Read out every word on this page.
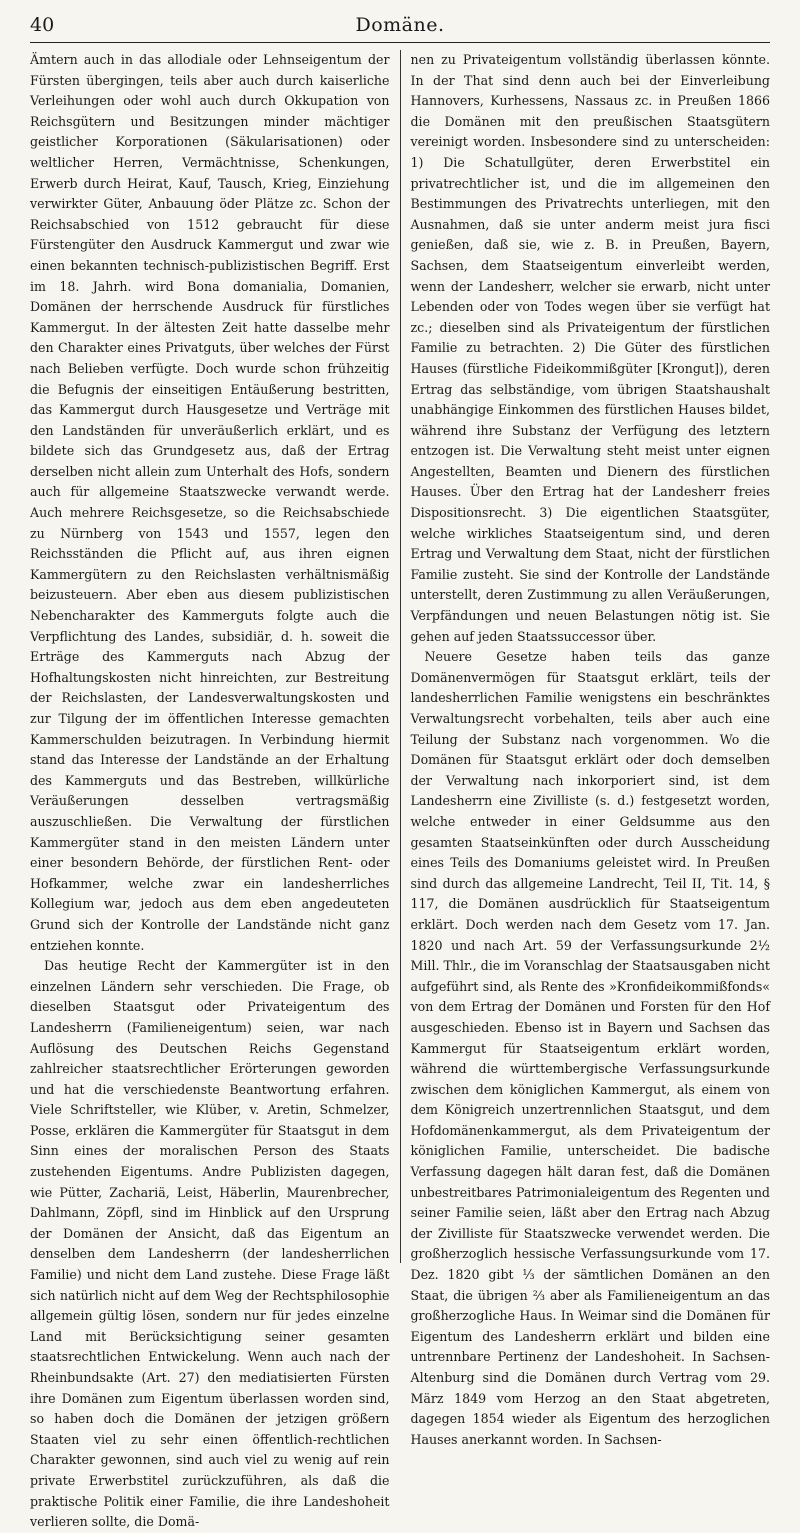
40	Domäne.

Ämtern auch in das allodiale oder Lehnseigentum der Fürsten übergingen, teils aber auch durch kaiserliche Verleihungen oder wohl auch durch Okkupation von Reichsgütern und Besitzungen minder mächtiger geistlicher Korporationen (Säkularisationen) oder weltlicher Herren, Vermächtnisse, Schenkungen, Erwerb durch Heirat, Kauf, Tausch, Krieg, Einziehung verwirkter Güter, Anbauung öder Plätze zc. Schon der Reichsabschied von 1512 gebraucht für diese Fürstengüter den Ausdruck Kammergut und zwar wie einen bekannten technisch-publizistischen Begriff. Erst im 18. Jahrh. wird Bona domanialia, Domanien, Domänen der herrschende Ausdruck für fürstliches Kammergut. In der ältesten Zeit hatte dasselbe mehr den Charakter eines Privatguts, über welches der Fürst nach Belieben verfügte. Doch wurde schon frühzeitig die Befugnis der einseitigen Entäußerung bestritten, das Kammergut durch Hausgesetze und Verträge mit den Landständen für unveräußerlich erklärt, und es bildete sich das Grundgesetz aus, daß der Ertrag derselben nicht allein zum Unterhalt des Hofs, sondern auch für allgemeine Staatszwecke verwandt werde. Auch mehrere Reichsgesetze, so die Reichsabschiede zu Nürnberg von 1543 und 1557, legen den Reichsständen die Pflicht auf, aus ihren eignen Kammergütern zu den Reichslasten verhältnismäßig beizusteuern. Aber eben aus diesem publizistischen Nebencharakter des Kammerguts folgte auch die Verpflichtung des Landes, subsidiär, d. h. soweit die Erträge des Kammerguts nach Abzug der Hofhaltungskosten nicht hinreichten, zur Bestreitung der Reichslasten, der Landesverwaltungskosten und zur Tilgung der im öffentlichen Interesse gemachten Kammerschulden beizutragen. In Verbindung hiermit stand das Interesse der Landstände an der Erhaltung des Kammerguts und das Bestreben, willkürliche Veräußerungen desselben vertragsmäßig auszuschließen. Die Verwaltung der fürstlichen Kammergüter stand in den meisten Ländern unter einer besondern Behörde, der fürstlichen Rent- oder Hofkammer, welche zwar ein landesherrliches Kollegium war, jedoch aus dem eben angedeuteten Grund sich der Kontrolle der Landstände nicht ganz entziehen konnte.

Das heutige Recht der Kammergüter ist in den einzelnen Ländern sehr verschieden. Die Frage, ob dieselben Staatsgut oder Privateigentum des Landesherrn (Familieneigentum) seien, war nach Auflösung des Deutschen Reichs Gegenstand zahlreicher staatsrechtlicher Erörterungen geworden und hat die verschiedenste Beantwortung erfahren. Viele Schriftsteller, wie Klüber, v. Aretin, Schmelzer, Posse, erklären die Kammergüter für Staatsgut in dem Sinn eines der moralischen Person des Staats zustehenden Eigentums. Andre Publizisten dagegen, wie Pütter, Zachariä, Leist, Häberlin, Maurenbrecher, Dahlmann, Zöpfl, sind im Hinblick auf den Ursprung der Domänen der Ansicht, daß das Eigentum an denselben dem Landesherrn (der landesherrlichen Familie) und nicht dem Land zustehe. Diese Frage läßt sich natürlich nicht auf dem Weg der Rechtsphilosophie allgemein gültig lösen, sondern nur für jedes einzelne Land mit Berücksichtigung seiner gesamten staatsrechtlichen Entwickelung. Wenn auch nach der Rheinbundsakte (Art. 27) den mediatisierten Fürsten ihre Domänen zum Eigentum überlassen worden sind, so haben doch die Domänen der jetzigen größern Staaten viel zu sehr einen öffentlich-rechtlichen Charakter gewonnen, sind auch viel zu wenig auf rein private Erwerbstitel zurückzuführen, als daß die praktische Politik einer Familie, die ihre Landeshoheit verlieren sollte, die Domä-

nen zu Privateigentum vollständig überlassen könnte. In der That sind denn auch bei der Einverleibung Hannovers, Kurhessens, Nassaus zc. in Preußen 1866 die Domänen mit den preußischen Staatsgütern vereinigt worden. Insbesondere sind zu unterscheiden: 1) Die Schatullgüter, deren Erwerbstitel ein privatrechtlicher ist, und die im allgemeinen den Bestimmungen des Privatrechts unterliegen, mit den Ausnahmen, daß sie unter anderm meist jura fisci genießen, daß sie, wie z. B. in Preußen, Bayern, Sachsen, dem Staatseigentum einverleibt werden, wenn der Landesherr, welcher sie erwarb, nicht unter Lebenden oder von Todes wegen über sie verfügt hat zc.; dieselben sind als Privateigentum der fürstlichen Familie zu betrachten. 2) Die Güter des fürstlichen Hauses (fürstliche Fideikommißgüter [Krongut]), deren Ertrag das selbständige, vom übrigen Staatshaushalt unabhängige Einkommen des fürstlichen Hauses bildet, während ihre Substanz der Verfügung des letztern entzogen ist. Die Verwaltung steht meist unter eignen Angestellten, Beamten und Dienern des fürstlichen Hauses. Über den Ertrag hat der Landesherr freies Dispositionsrecht. 3) Die eigentlichen Staatsgüter, welche wirkliches Staatseigentum sind, und deren Ertrag und Verwaltung dem Staat, nicht der fürstlichen Familie zusteht. Sie sind der Kontrolle der Landstände unterstellt, deren Zustimmung zu allen Veräußerungen, Verpfändungen und neuen Belastungen nötig ist. Sie gehen auf jeden Staatssuccessor über.

Neuere Gesetze haben teils das ganze Domänenvermögen für Staatsgut erklärt, teils der landesherrlichen Familie wenigstens ein beschränktes Verwaltungsrecht vorbehalten, teils aber auch eine Teilung der Substanz nach vorgenommen. Wo die Domänen für Staatsgut erklärt oder doch demselben der Verwaltung nach inkorporiert sind, ist dem Landesherrn eine Zivilliste (s. d.) festgesetzt worden, welche entweder in einer Geldsumme aus den gesamten Staatseinkünften oder durch Ausscheidung eines Teils des Domaniums geleistet wird. In Preußen sind durch das allgemeine Landrecht, Teil II, Tit. 14, § 117, die Domänen ausdrücklich für Staatseigentum erklärt. Doch werden nach dem Gesetz vom 17. Jan. 1820 und nach Art. 59 der Verfassungsurkunde 2½ Mill. Thlr., die im Voranschlag der Staatsausgaben nicht aufgeführt sind, als Rente des »Kronfideikommißfonds« von dem Ertrag der Domänen und Forsten für den Hof ausgeschieden. Ebenso ist in Bayern und Sachsen das Kammergut für Staatseigentum erklärt worden, während die württembergische Verfassungsurkunde zwischen dem königlichen Kammergut, als einem von dem Königreich unzertrennlichen Staatsgut, und dem Hofdomänenkammergut, als dem Privateigentum der königlichen Familie, unterscheidet. Die badische Verfassung dagegen hält daran fest, daß die Domänen unbestreitbares Patrimonialeigentum des Regenten und seiner Familie seien, läßt aber den Ertrag nach Abzug der Zivilliste für Staatszwecke verwendet werden. Die großherzoglich hessische Verfassungsurkunde vom 17. Dez. 1820 gibt ⅓ der sämtlichen Domänen an den Staat, die übrigen ⅔ aber als Familieneigentum an das großherzogliche Haus. In Weimar sind die Domänen für Eigentum des Landesherrn erklärt und bilden eine untrennbare Pertinenz der Landeshoheit. In Sachsen-Altenburg sind die Domänen durch Vertrag vom 29. März 1849 vom Herzog an den Staat abgetreten, dagegen 1854 wieder als Eigentum des herzoglichen Hauses anerkannt worden. In Sachsen-
